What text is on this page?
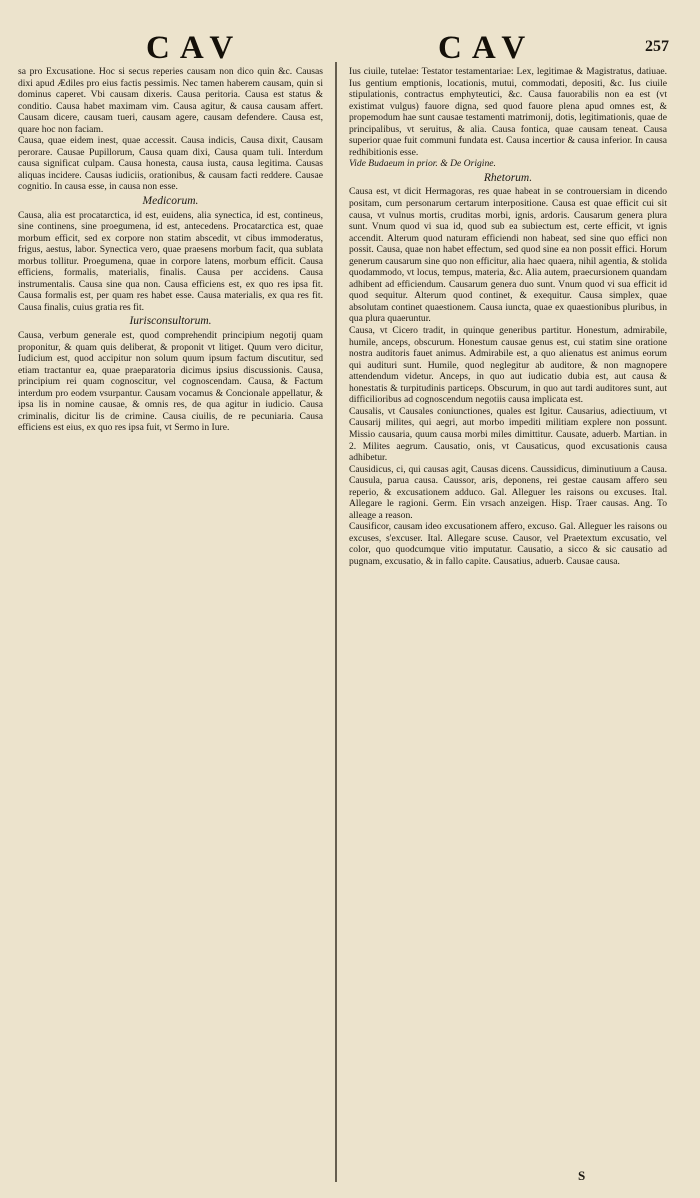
CAV	CAV	257

sa pro Excusatione. Hoc si secus reperies causam non dico quin &c. Causas dixi apud Ædiles pro eius factis pessimis. Nec tamen haberem causam, quin si dominus caperet. Vbi causam dixeris. Causa peritoria. Causa est status & conditio. Causa habet maximam vim. Causa agitur, & causa causam affert. Causam dicere, causam tueri, causam agere, causam defendere. Causa est, quare hoc non faciam.

Causa, quae eidem inest, quae accessit. Causa indicis, Causa dixit, Causam perorare. Causae Pupillorum, Causa quam dixi, Causa quam tuli. Interdum causa significat culpam. Causa honesta, causa iusta, causa legitima. Causas aliquas incidere. Causas iudiciis, orationibus, & causam facti reddere. Causae cognitio. In causa esse, in causa non esse.

Medicorum.

Causa, alia est procatarctica, id est, euidens, alia synectica, id est, contineus, sine continens, sine proegumena, id est, antecedens. Procatarctica est, quae morbum efficit, sed ex corpore non statim abscedit, vt cibus immoderatus, frigus, aestus, labor. Synectica vero, quae praesens morbum facit, qua sublata morbus tollitur. Proegumena, quae in corpore latens, morbum efficit. Causa efficiens, formalis, materialis, finalis. Causa per accidens. Causa instrumentalis. Causa sine qua non. Causa efficiens est, ex quo res ipsa fit. Causa formalis est, per quam res habet esse. Causa materialis, ex qua res fit. Causa finalis, cuius gratia res fit.

Iurisconsultorum.

Causa, verbum generale est, quod comprehendit principium negotij quam proponitur, & quam quis deliberat, & proponit vt litiget. Quum vero dicitur, Iudicium est, quod accipitur non solum quum ipsum factum discutitur, sed etiam tractantur ea, quae praeparatoria dicimus ipsius discussionis. Causa, principium rei quam cognoscitur, vel cognoscendam. Causa, & Factum interdum pro eodem vsurpantur. Causam vocamus & Concionale appellatur, & ipsa lis in nomine causae, & omnis res, de qua agitur in iudicio. Causa criminalis, dicitur lis de crimine. Causa ciuilis, de re pecuniaria. Causa efficiens est eius, ex quo res ipsa fuit, vt Sermo in Iure.

Ius ciuile, tutelae: Testator testamentariae: Lex, legitimae & Magistratus, datiuae. Ius gentium emptionis, locationis, mutui, commodati, depositi, &c. Ius ciuile stipulationis, contractus emphyteutici, &c. Causa fauorabilis non ea est (vt existimat vulgus) fauore digna, sed quod fauore plena apud omnes est, & propemodum hae sunt causae testamenti matrimonij, dotis, legitimationis, quae de principalibus, vt seruitus, & alia. Causa fontica, quae causam teneat. Causa superior quae fuit communi fundata est. Causa incertior & causa inferior. In causa redhibitionis esse.

Vide Budaeum in prior. & De Origine.

Rhetorum.

Causa est, vt dicit Hermagoras, res quae habeat in se controuersiam in dicendo positam, cum personarum certarum interpositione. Causa est quae efficit cui sit causa, vt vulnus mortis, cruditas morbi, ignis, ardoris. Causarum genera plura sunt. Vnum quod vi sua id, quod sub ea subiectum est, certe efficit, vt ignis accendit. Alterum quod naturam efficiendi non habeat, sed sine quo effici non possit. Causa, quae non habet effectum, sed quod sine ea non possit effici. Horum generum causarum sine quo non efficitur, alia haec quaera, nihil agentia, & stolida quodammodo, vt locus, tempus, materia, &c. Alia autem, praecursionem quandam adhibent ad efficiendum. Causarum genera duo sunt. Vnum quod vi sua efficit id quod sequitur. Alterum quod continet, & exequitur. Causa simplex, quae absolutam continet quaestionem. Causa iuncta, quae ex quaestionibus pluribus, in qua plura quaeruntur.

Causa, vt Cicero tradit, in quinque generibus partitur. Honestum, admirabile, humile, anceps, obscurum. Honestum causae genus est, cui statim sine oratione nostra auditoris fauet animus. Admirabile est, a quo alienatus est animus eorum qui audituri sunt. Humile, quod neglegitur ab auditore, & non magnopere attendendum videtur. Anceps, in quo aut iudicatio dubia est, aut causa & honestatis & turpitudinis particeps. Obscurum, in quo aut tardi auditores sunt, aut difficilioribus ad cognoscendum negotiis causa implicata est.

Causalis, vt Causales coniunctiones, quales est Igitur. Causarius, adiectiuum, vt Causarij milites, qui aegri, aut morbo impediti militiam explere non possunt. Missio causaria, quum causa morbi miles dimittitur. Causate, aduerb. Martian. in 2. Milites aegrum. Causatio, onis, vt Causaticus, quod excusationis causa adhibetur.

Causidicus, ci, qui causas agit, Causas dicens. Caussidicus, diminutiuum a Causa. Causula, parua causa. Caussor, aris, deponens, rei gestae causam affero seu reperio, & excusationem adduco. Gal. Alleguer les raisons ou excuses. Ital. Allegare le ragioni. Germ. Ein vrsach anzeigen. Hisp. Traer causas. Ang. To alleage a reason.

Causificor, causam ideo excusationem affero, excuso. Gal. Alleguer les raisons ou excuses, s'excuser. Ital. Allegare scuse. Causor, vel Praetextum excusatio, vel color, quo quodcumque vitio imputatur. Causatio, a sicco & sic causatio ad pugnam, excusatio, & in fallo capite. Causatius, aduerb. Causae causa.

S
